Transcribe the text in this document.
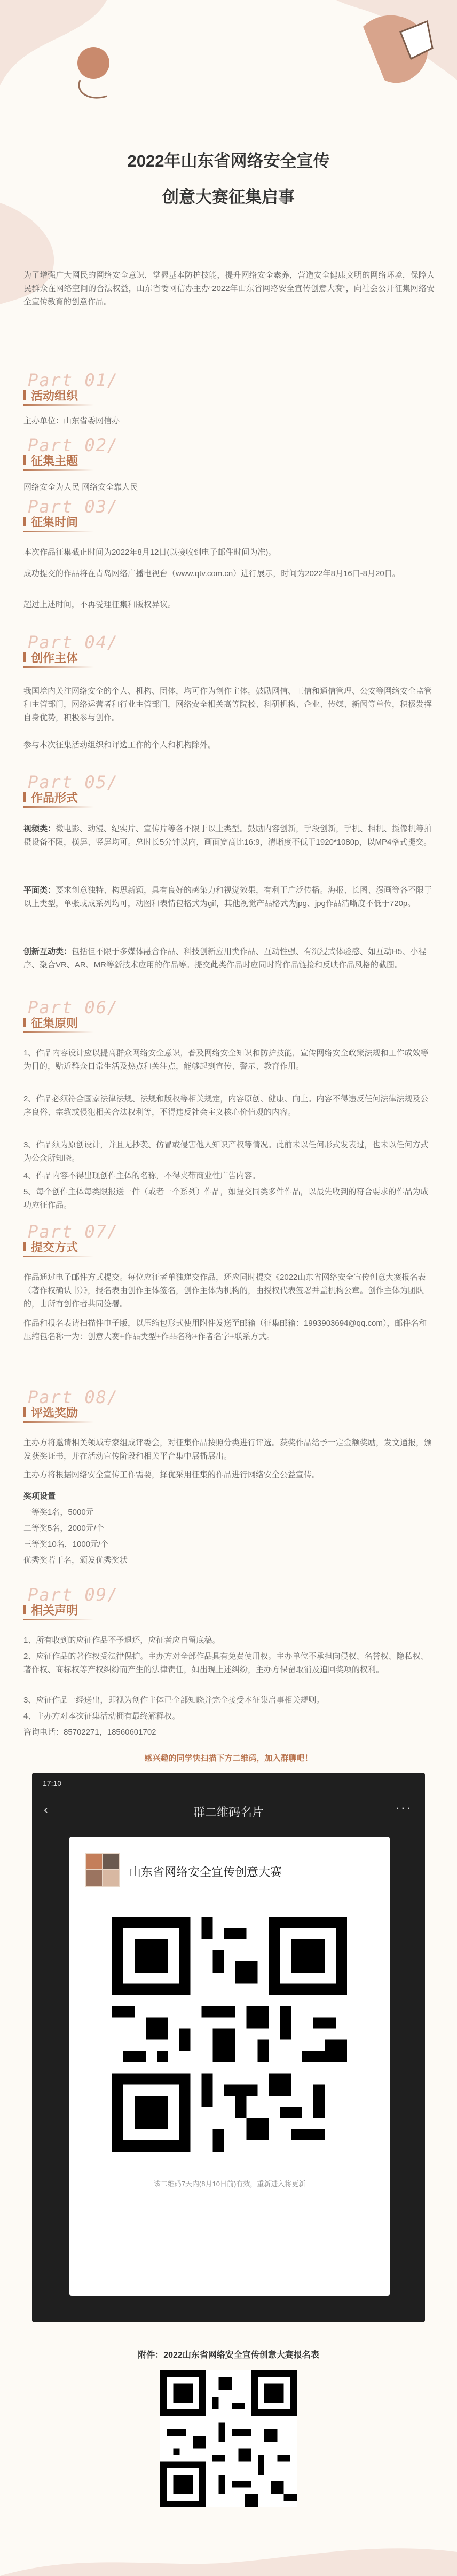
2022年山东省网络安全宣传
创意大赛征集启事
为了增强广大网民的网络安全意识，掌握基本防护技能，提升网络安全素养，营造安全健康文明的网络环境，保障人民群众在网络空间的合法权益，山东省委网信办主办“2022年山东省网络安全宣传创意大赛”，向社会公开征集网络安全宣传教育的创意作品。
Part 01/
活动组织
主办单位：山东省委网信办
Part 02/
征集主题
网络安全为人民 网络安全靠人民
Part 03/
征集时间
本次作品征集截止时间为2022年8月12日(以接收到电子邮件时间为准)。
成功提交的作品将在青岛网络广播电视台（www.qtv.com.cn）进行展示，时间为2022年8月16日-8月20日。
超过上述时间，不再受理征集和版权异议。
Part 04/
创作主体
我国境内关注网络安全的个人、机构、团体，均可作为创作主体。鼓励网信、工信和通信管理、公安等网络安全监管和主管部门，网络运营者和行业主管部门，网络安全相关高等院校、科研机构、企业、传媒、新闻等单位，积极发挥自身优势，积极参与创作。
参与本次征集活动组织和评选工作的个人和机构除外。
Part 05/
作品形式
视频类：微电影、动漫、纪实片、宣传片等各不限于以上类型。鼓励内容创新，手段创新，手机、相机、摄像机等拍摄设备不限，横屏、竖屏均可。总时长5分钟以内，画面宽高比16:9，清晰度不低于1920*1080p，以MP4格式提交。
平面类：要求创意独特、构思新颖，具有良好的感染力和视觉效果，有利于广泛传播。海报、长图、漫画等各不限于以上类型，单张或成系列均可，动图和表情包格式为gif，其他视觉产品格式为jpg、jpg作品清晰度不低于720p。
创新互动类：包括但不限于多媒体融合作品、科技创新应用类作品、互动性强、有沉浸式体验感、如互动H5、小程序、聚合VR、AR、MR等新技术应用的作品等。提交此类作品时应同时附作品链接和反映作品风格的截图。
Part 06/
征集原则
1、作品内容设计应以提高群众网络安全意识，普及网络安全知识和防护技能，宣传网络安全政策法规和工作成效等为目的，贴近群众日常生活及热点和关注点，能够起到宣传、警示、教育作用。
2、作品必须符合国家法律法规、法规和版权等相关规定，内容原创、健康、向上。内容不得违反任何法律法规及公序良俗、宗教或侵犯相关合法权利等，不得违反社会主义核心价值观的内容。
3、作品须为原创设计，并且无抄袭、仿冒或侵害他人知识产权等情况。此前未以任何形式发表过，也未以任何方式为公众所知晓。
4、作品内容不得出现创作主体的名称，不得夹带商业性广告内容。
5、每个创作主体每类限报送一件（或者一个系列）作品，如提交同类多件作品，以最先收到的符合要求的作品为成功应征作品。
Part 07/
提交方式
作品通过电子邮件方式提交。每位应征者单独递交作品，还应同时提交《2022山东省网络安全宣传创意大赛报名表（著作权确认书）》，报名表由创作主体签名，创作主体为机构的，由授权代表签署并盖机构公章。创作主体为团队的，由所有创作者共同签署。
作品和报名表请扫描件电子版，以压缩包形式使用附件发送至邮箱（征集邮箱：1993903694@qq.com），邮件名和压缩包名称一为：创意大赛+作品类型+作品名称+作者名字+联系方式。
Part 08/
评选奖励
主办方将邀请相关领域专家组成评委会，对征集作品按照分类进行评选。获奖作品给予一定金额奖励，发文通报，颁发获奖证书，并在活动宣传阶段和相关平台集中展播展出。
主办方将根据网络安全宣传工作需要，择优采用征集的作品进行网络安全公益宣传。
奖项设置
一等奖1名，5000元
二等奖5名，2000元/个
三等奖10名，1000元/个
优秀奖若干名，颁发优秀奖状
Part 09/
相关声明
1、所有收到的应征作品不予退还，应征者应自留底稿。
2、应征作品的著作权受法律保护。主办方对全部作品具有免费使用权。主办单位不承担向侵权、名誉权、隐私权、著作权、商标权等产权纠纷而产生的法律责任，如出现上述纠纷，主办方保留取消及追回奖项的权利。
3、应征作品一经送出，即视为创作主体已全部知晓并完全接受本征集启事相关规则。
4、主办方对本次征集活动拥有最终解释权。
咨询电话：85702271，18560601702
感兴趣的同学快扫描下方二维码，加入群聊吧！
17:10
‹	群二维码名片	···
山东省网络安全宣传创意大赛
该二维码7天内(8月10日前)有效，重新进入将更新
附件：2022山东省网络安全宣传创意大赛报名表
